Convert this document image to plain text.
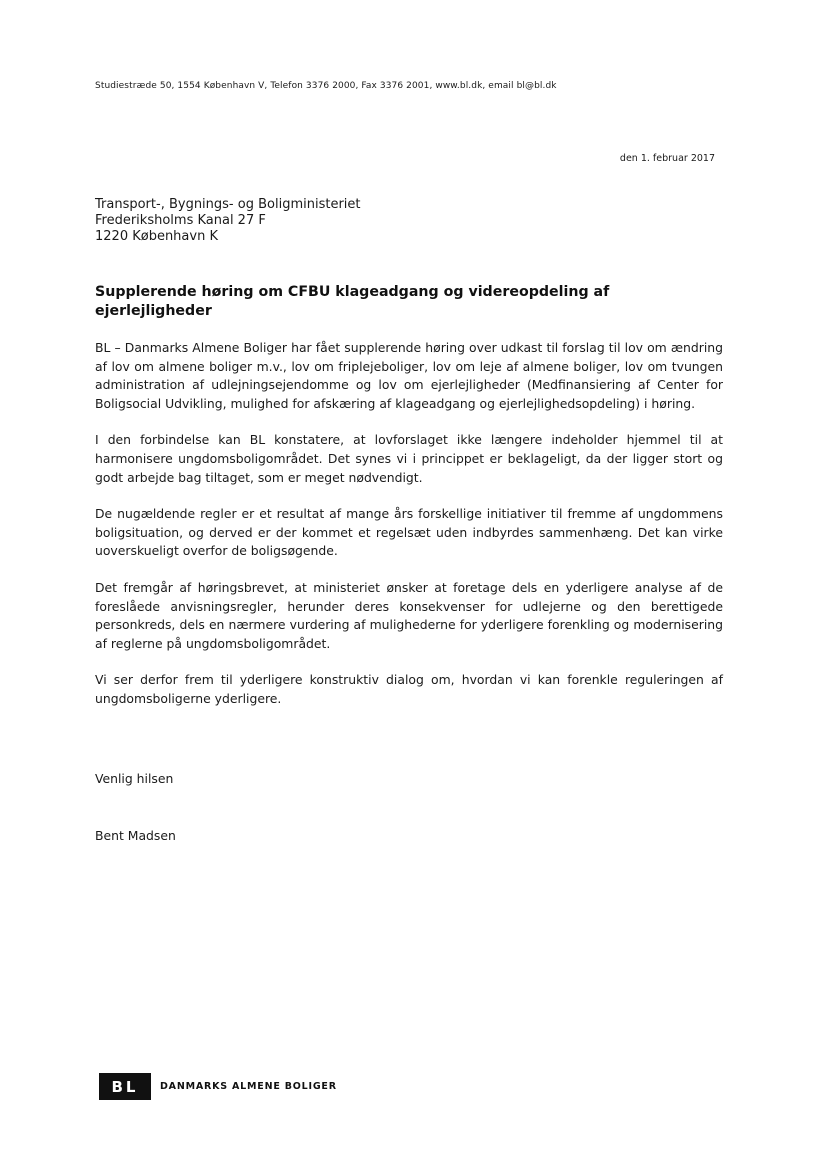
Studiestræde 50, 1554 København V, Telefon 3376 2000, Fax 3376 2001, www.bl.dk, email bl@bl.dk
den 1. februar 2017
Transport-, Bygnings- og Boligministeriet
Frederiksholms Kanal 27 F
1220 København K
Supplerende høring om CFBU klageadgang og videreopdeling af ejerlejligheder

BL – Danmarks Almene Boliger har fået supplerende høring over udkast til forslag til lov om ændring af lov om almene boliger m.v., lov om friplejeboliger, lov om leje af almene boliger, lov om tvungen administration af udlejningsejendomme og lov om ejerlejligheder (Medfinansiering af Center for Boligsocial Udvikling, mulighed for afskæring af klageadgang og ejerlejlighedsopdeling) i høring.

I den forbindelse kan BL konstatere, at lovforslaget ikke længere indeholder hjemmel til at harmonisere ungdomsboligområdet. Det synes vi i princippet er beklageligt, da der ligger stort og godt arbejde bag tiltaget, som er meget nødvendigt.

De nugældende regler er et resultat af mange års forskellige initiativer til fremme af ungdommens boligsituation, og derved er der kommet et regelsæt uden indbyrdes sammenhæng. Det kan virke uoverskueligt overfor de boligsøgende.

Det fremgår af høringsbrevet, at ministeriet ønsker at foretage dels en yderligere analyse af de foreslåede anvisningsregler, herunder deres konsekvenser for udlejerne og den berettigede personkreds, dels en nærmere vurdering af mulighederne for yderligere forenkling og modernisering af reglerne på ungdomsboligområdet.

Vi ser derfor frem til yderligere konstruktiv dialog om, hvordan vi kan forenkle reguleringen af ungdomsboligerne yderligere.

Venlig hilsen
Bent Madsen
BL	DANMARKS ALMENE BOLIGER
